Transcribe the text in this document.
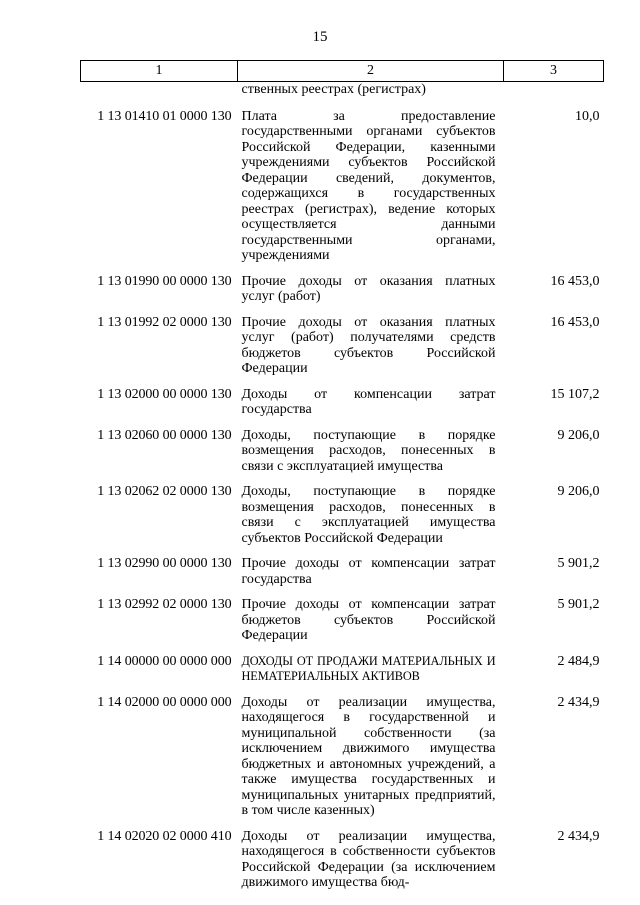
15
1	2	3
	ственных реестрах (регистрах)	
1 13 01410 01 0000 130	Плата за предоставление государственными органами субъектов Российской Федерации, казенными учреждениями субъектов Российской Федерации сведений, документов, содержащихся в государственных реестрах (регистрах), ведение которых осуществляется данными государственными органами, учреждениями	10,0
1 13 01990 00 0000 130	Прочие доходы от оказания платных услуг (работ)	16 453,0
1 13 01992 02 0000 130	Прочие доходы от оказания платных услуг (работ) получателями средств бюджетов субъектов Российской Федерации	16 453,0
1 13 02000 00 0000 130	Доходы от компенсации затрат государства	15 107,2
1 13 02060 00 0000 130	Доходы, поступающие в порядке возмещения расходов, понесенных в связи с эксплуатацией имущества	9 206,0
1 13 02062 02 0000 130	Доходы, поступающие в порядке возмещения расходов, понесенных в связи с эксплуатацией имущества субъектов Российской Федерации	9 206,0
1 13 02990 00 0000 130	Прочие доходы от компенсации затрат государства	5 901,2
1 13 02992 02 0000 130	Прочие доходы от компенсации затрат бюджетов субъектов Российской Федерации	5 901,2
1 14 00000 00 0000 000	ДОХОДЫ ОТ ПРОДАЖИ МАТЕРИАЛЬНЫХ И НЕМАТЕРИАЛЬНЫХ АКТИВОВ	2 484,9
1 14 02000 00 0000 000	Доходы от реализации имущества, находящегося в государственной и муниципальной собственности (за исключением движимого имущества бюджетных и автономных учреждений, а также имущества государственных и муниципальных унитарных предприятий, в том числе казенных)	2 434,9
1 14 02020 02 0000 410	Доходы от реализации имущества, находящегося в собственности субъектов Российской Федерации (за исключением движимого имущества бюд-	2 434,9
